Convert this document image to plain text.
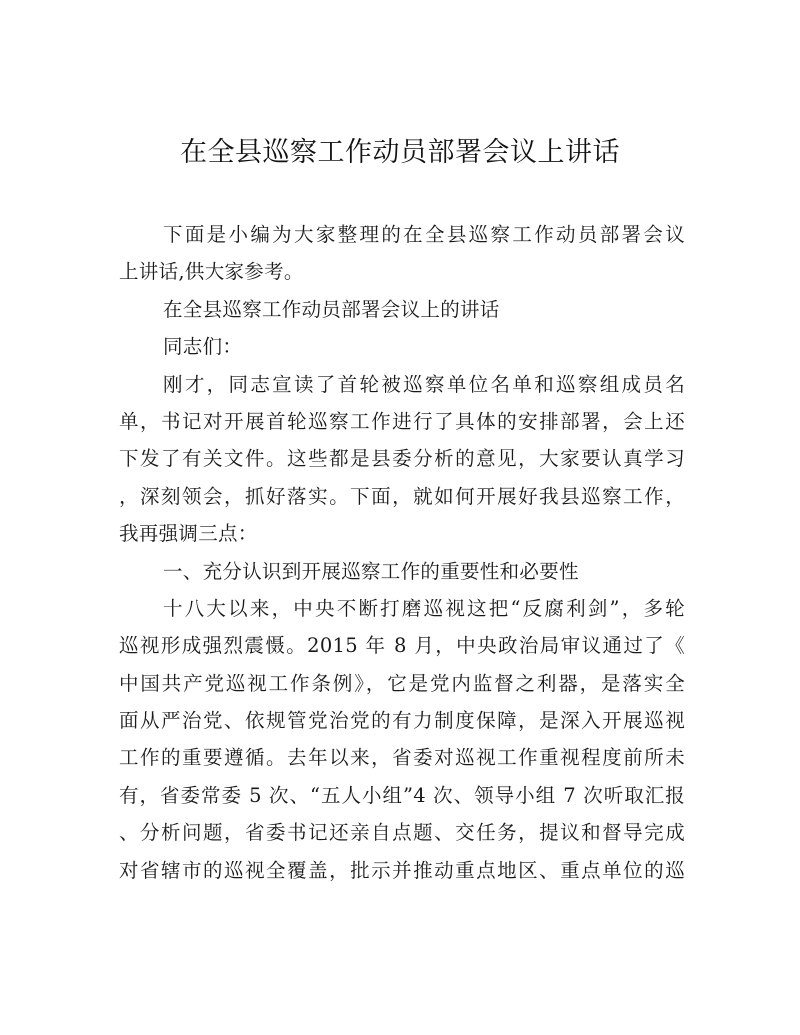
在全县巡察工作动员部署会议上讲话
下面是小编为大家整理的在全县巡察工作动员部署会议
上讲话,供大家参考。
在全县巡察工作动员部署会议上的讲话
同志们：
刚才，同志宣读了首轮被巡察单位名单和巡察组成员名
单，书记对开展首轮巡察工作进行了具体的安排部署，会上还
下发了有关文件。这些都是县委分析的意见，大家要认真学习
，深刻领会，抓好落实。下面，就如何开展好我县巡察工作，
我再强调三点：
一、充分认识到开展巡察工作的重要性和必要性
十八大以来，中央不断打磨巡视这把“反腐利剑”，多轮
巡视形成强烈震慑。2015 年 8 月，中央政治局审议通过了《
中国共产党巡视工作条例》，它是党内监督之利器，是落实全
面从严治党、依规管党治党的有力制度保障，是深入开展巡视
工作的重要遵循。去年以来，省委对巡视工作重视程度前所未
有，省委常委 5 次、“五人小组”4 次、领导小组 7 次听取汇报
、分析问题，省委书记还亲自点题、交任务，提议和督导完成
对省辖市的巡视全覆盖，批示并推动重点地区、重点单位的巡
